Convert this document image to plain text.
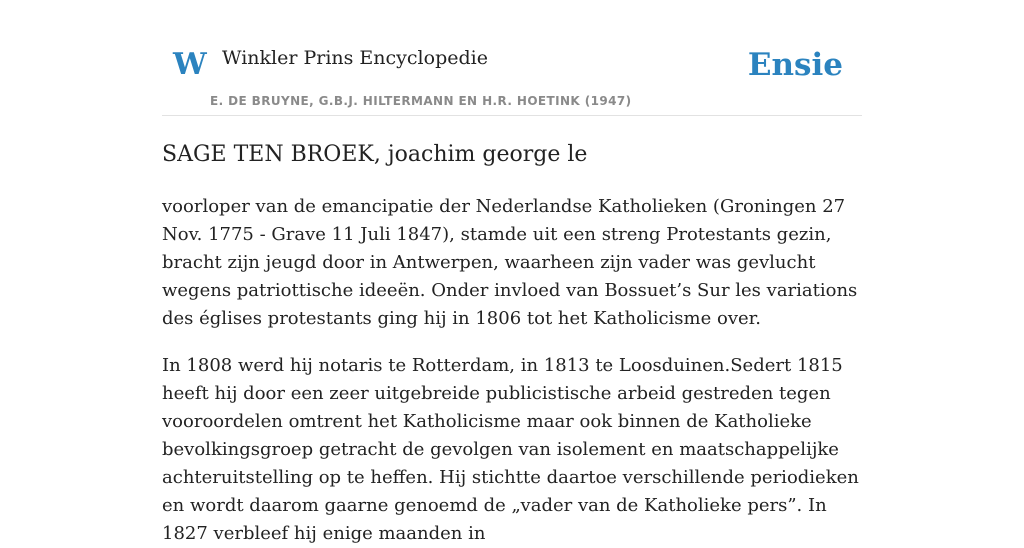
W Winkler Prins Encyclopedie
E. DE BRUYNE, G.B.J. HILTERMANN EN H.R. HOETINK (1947)
Ensie
SAGE TEN BROEK, joachim george le

voorloper van de emancipatie der Nederlandse Katholieken (Groningen 27 Nov. 1775 - Grave 11 Juli 1847), stamde uit een streng Protestants gezin, bracht zijn jeugd door in Antwerpen, waarheen zijn vader was gevlucht wegens patriottische ideeën. Onder invloed van Bossuet’s Sur les variations des églises protestants ging hij in 1806 tot het Katholicisme over.

In 1808 werd hij notaris te Rotterdam, in 1813 te Loosduinen.Sedert 1815 heeft hij door een zeer uitgebreide publicistische arbeid gestreden tegen vooroordelen omtrent het Katholicisme maar ook binnen de Katholieke bevolkingsgroep getracht de gevolgen van isolement en maatschappelijke achteruitstelling op te heffen. Hij stichtte daartoe verschillende periodieken en wordt daarom gaarne genoemd de „vader van de Katholieke pers”. In 1827 verbleef hij enige maanden in
